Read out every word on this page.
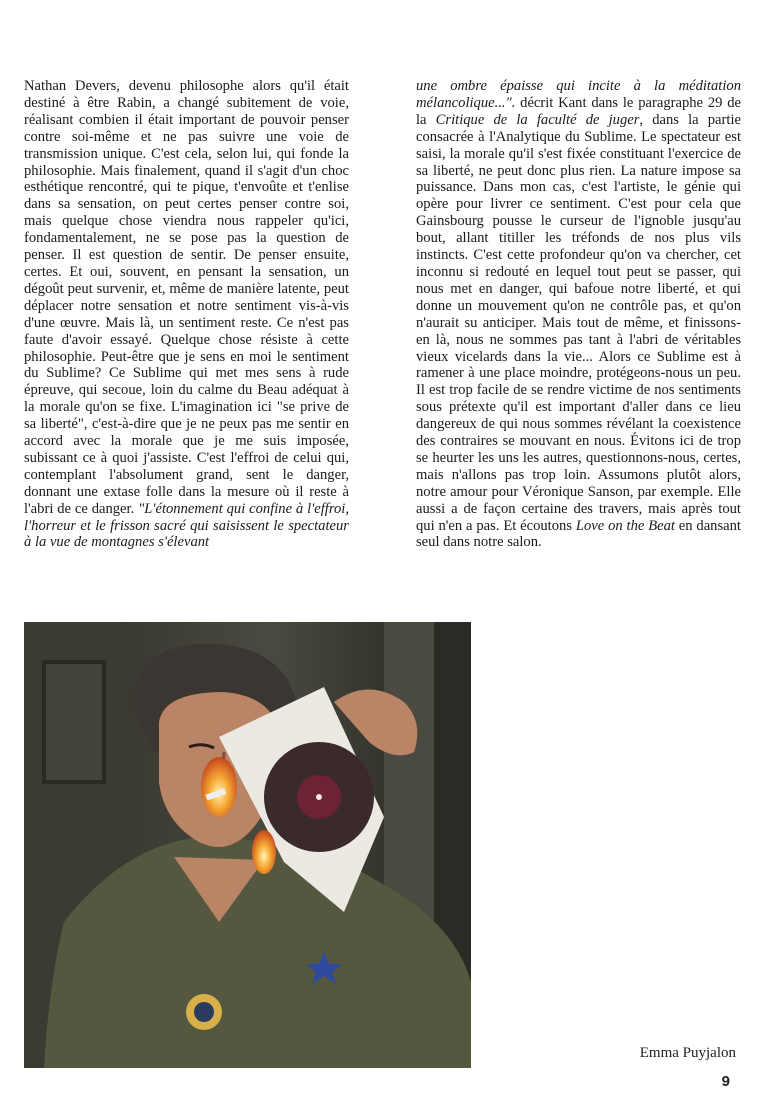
Nathan Devers, devenu philosophe alors qu'il était destiné à être Rabin, a changé subitement de voie, réalisant combien il était important de pouvoir penser contre soi-même et ne pas suivre une voie de transmission unique. C'est cela, selon lui, qui fonde la philosophie. Mais finalement, quand il s'agit d'un choc esthétique rencontré, qui te pique, t'envoûte et t'enlise dans sa sensation, on peut certes penser contre soi, mais quelque chose viendra nous rappeler qu'ici, fondamentalement, ne se pose pas la question de penser. Il est question de sentir. De penser ensuite, certes. Et oui, souvent, en pensant la sensation, un dégoût peut survenir, et, même de manière latente, peut déplacer notre sensation et notre sentiment vis-à-vis d'une œuvre. Mais là, un sentiment reste. Ce n'est pas faute d'avoir essayé. Quelque chose résiste à cette philosophie. Peut-être que je sens en moi le sentiment du Sublime? Ce Sublime qui met mes sens à rude épreuve, qui secoue, loin du calme du Beau adéquat à la morale qu'on se fixe. L'imagination ici "se prive de sa liberté", c'est-à-dire que je ne peux pas me sentir en accord avec la morale que je me suis imposée, subissant ce à quoi j'assiste. C'est l'effroi de celui qui, contemplant l'absolument grand, sent le danger, donnant une extase folle dans la mesure où il reste à l'abri de ce danger. "L'étonnement qui confine à l'effroi, l'horreur et le frisson sacré qui saisissent le spectateur à la vue de montagnes s'élevant

une ombre épaisse qui incite à la méditation mélancolique...". décrit Kant dans le paragraphe 29 de la Critique de la faculté de juger, dans la partie consacrée à l'Analytique du Sublime. Le spectateur est saisi, la morale qu'il s'est fixée constituant l'exercice de sa liberté, ne peut donc plus rien. La nature impose sa puissance. Dans mon cas, c'est l'artiste, le génie qui opère pour livrer ce sentiment. C'est pour cela que Gainsbourg pousse le curseur de l'ignoble jusqu'au bout, allant titiller les tréfonds de nos plus vils instincts. C'est cette profondeur qu'on va chercher, cet inconnu si redouté en lequel tout peut se passer, qui nous met en danger, qui bafoue notre liberté, et qui donne un mouvement qu'on ne contrôle pas, et qu'on n'aurait su anticiper. Mais tout de même, et finissons-en là, nous ne sommes pas tant à l'abri de véritables vieux vicelards dans la vie... Alors ce Sublime est à ramener à une place moindre, protégeons-nous un peu. Il est trop facile de se rendre victime de nos sentiments sous prétexte qu'il est important d'aller dans ce lieu dangereux de qui nous sommes révélant la coexistence des contraires se mouvant en nous. Évitons ici de trop se heurter les uns les autres, questionnons-nous, certes, mais n'allons pas trop loin. Assumons plutôt alors, notre amour pour Véronique Sanson, par exemple. Elle aussi a de façon certaine des travers, mais après tout qui n'en a pas. Et écoutons Love on the Beat en dansant seul dans notre salon.

Emma Puyjalon
9
